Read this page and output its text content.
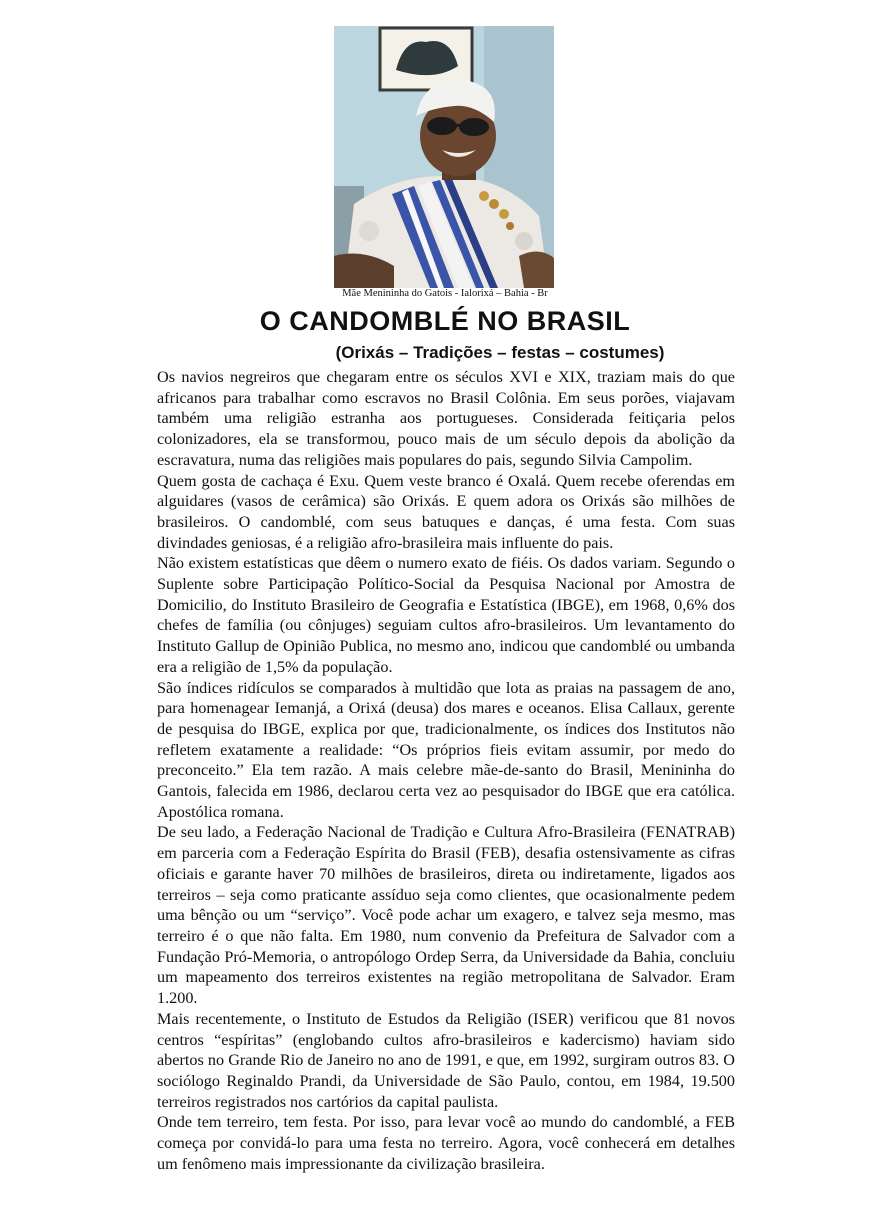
Mãe Menininha do Gatois - Ialorixá – Bahia - Br
O CANDOMBLÉ NO BRASIL
(Orixás – Tradições – festas – costumes)

Os navios negreiros que chegaram entre os séculos XVI e XIX, traziam mais do que africanos para trabalhar como escravos no Brasil Colônia. Em seus porões, viajavam também uma religião estranha aos portugueses. Considerada feitiçaria pelos colonizadores, ela se transformou, pouco mais de um século depois da abolição da escravatura, numa das religiões mais populares do pais, segundo Silvia Campolim.

Quem gosta de cachaça é Exu. Quem veste branco é Oxalá. Quem recebe oferendas em alguidares (vasos de cerâmica) são Orixás. E quem adora os Orixás são milhões de brasileiros. O candomblé, com seus batuques e danças, é uma festa. Com suas divindades geniosas, é a religião afro-brasileira mais influente do pais.

Não existem estatísticas que dêem o numero exato de fiéis. Os dados variam. Segundo o Suplente sobre Participação Político-Social da Pesquisa Nacional por Amostra de Domicilio, do Instituto Brasileiro de Geografia e Estatística (IBGE), em 1968, 0,6% dos chefes de família (ou cônjuges) seguiam cultos afro-brasileiros. Um levantamento do Instituto Gallup de Opinião Publica, no mesmo ano, indicou que candomblé ou umbanda era a religião de 1,5% da população.

São índices ridículos se comparados à multidão que lota as praias na passagem de ano, para homenagear Iemanjá, a Orixá (deusa) dos mares e oceanos. Elisa Callaux, gerente de pesquisa do IBGE, explica por que, tradicionalmente, os índices dos Institutos não refletem exatamente a realidade: “Os próprios fieis evitam assumir, por medo do preconceito.” Ela tem razão. A mais celebre mãe-de-santo do Brasil, Menininha do Gantois, falecida em 1986, declarou certa vez ao pesquisador do IBGE que era católica. Apostólica romana.

De seu lado, a Federação Nacional de Tradição e Cultura Afro-Brasileira (FENATRAB) em parceria com a Federação Espírita do Brasil (FEB), desafia ostensivamente as cifras oficiais e garante haver 70 milhões de brasileiros, direta ou indiretamente, ligados aos terreiros – seja como praticante assíduo seja como clientes, que ocasionalmente pedem uma bênção ou um “serviço”. Você pode achar um exagero, e talvez seja mesmo, mas terreiro é o que não falta. Em 1980, num convenio da Prefeitura de Salvador com a Fundação Pró-Memoria, o antropólogo Ordep Serra, da Universidade da Bahia, concluiu um mapeamento dos terreiros existentes na região metropolitana de Salvador. Eram 1.200.

Mais recentemente, o Instituto de Estudos da Religião (ISER) verificou que 81 novos centros “espíritas” (englobando cultos afro-brasileiros e kadercismo) haviam sido abertos no Grande Rio de Janeiro no ano de 1991, e que, em 1992, surgiram outros 83. O sociólogo Reginaldo Prandi, da Universidade de São Paulo, contou, em 1984, 19.500 terreiros registrados nos cartórios da capital paulista.

Onde tem terreiro, tem festa. Por isso, para levar você ao mundo do candomblé, a FEB começa por convidá-lo para uma festa no terreiro. Agora, você conhecerá em detalhes um fenômeno mais impressionante da civilização brasileira.
